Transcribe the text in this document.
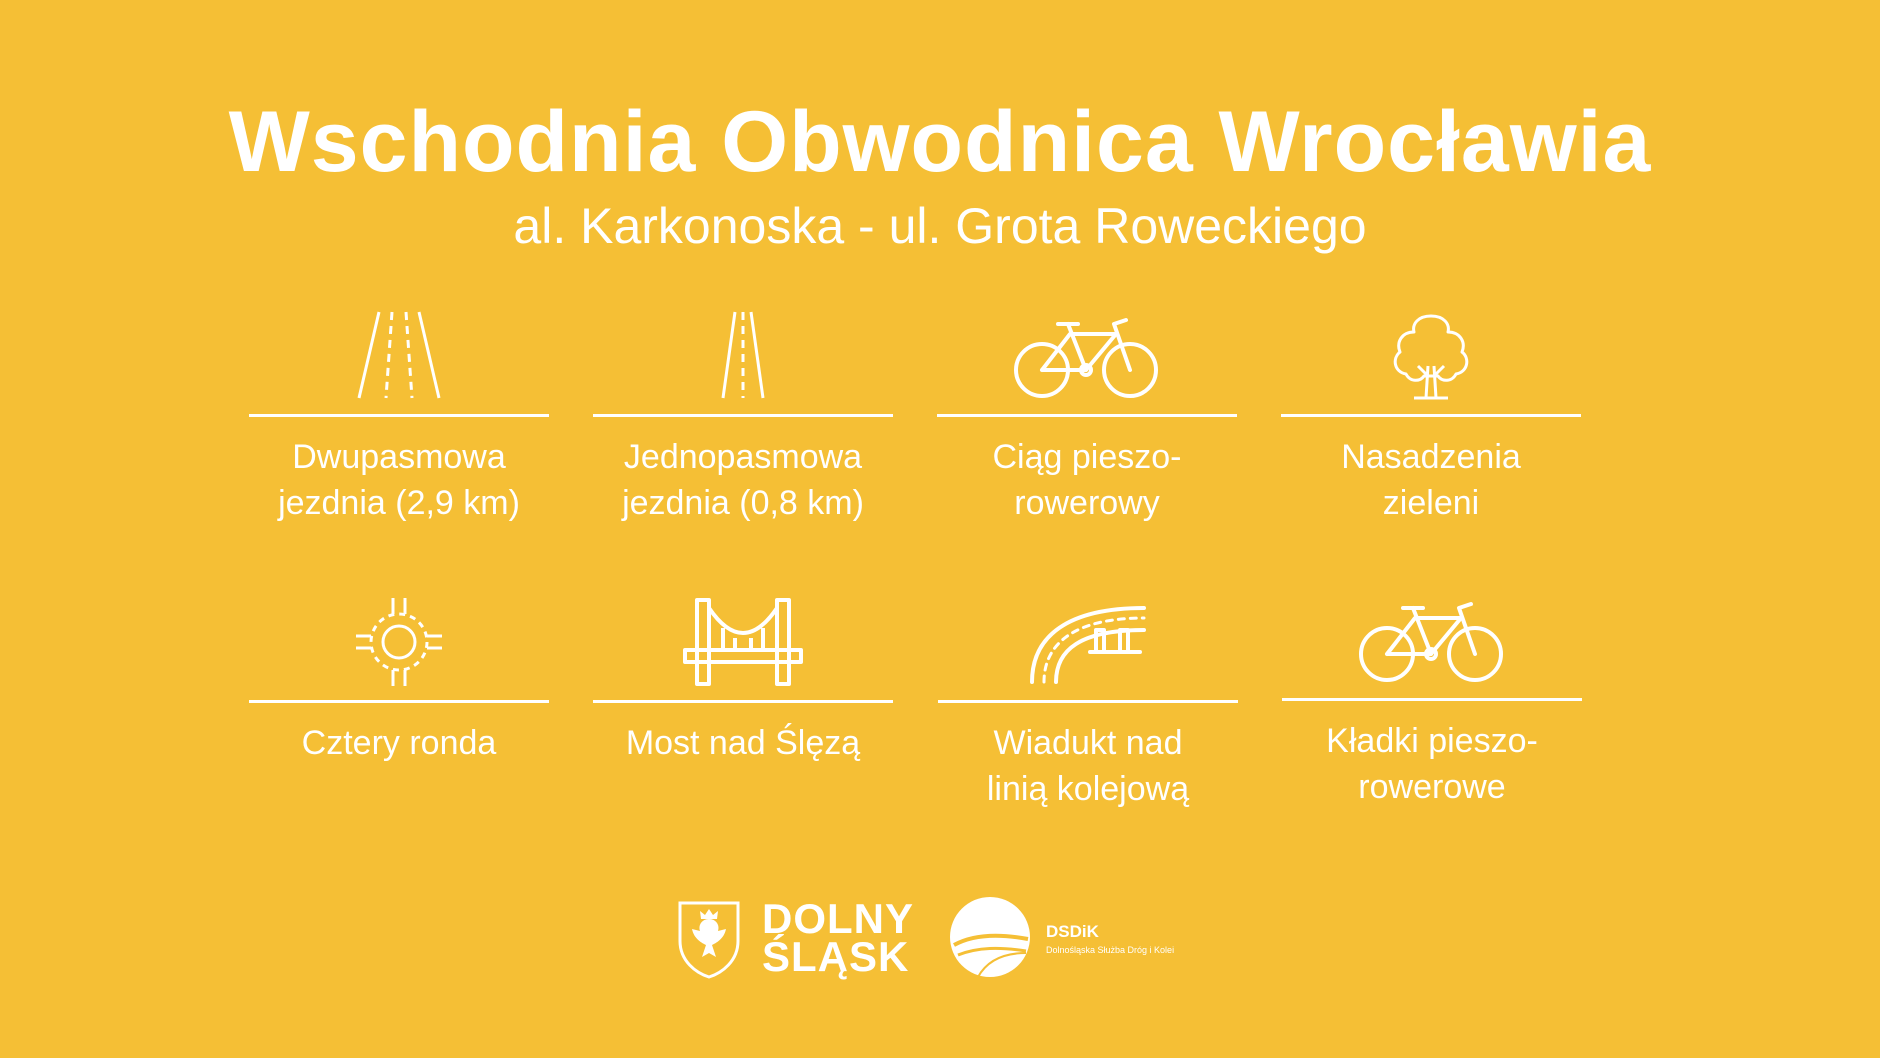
Wschodnia Obwodnica Wrocławia
al. Karkonoska - ul. Grota Roweckiego
Dwupasmowa
jezdnia (2,9 km)
Jednopasmowa
jezdnia (0,8 km)
Ciąg pieszo-
rowerowy
Nasadzenia
zieleni
Cztery ronda	Most nad Ślęzą	Wiadukt nad
linią kolejową
Kładki pieszo-
rowerowe
DOLNY
ŚLĄSK
DSDiK
Dolnośląska Służba Dróg i Kolei
